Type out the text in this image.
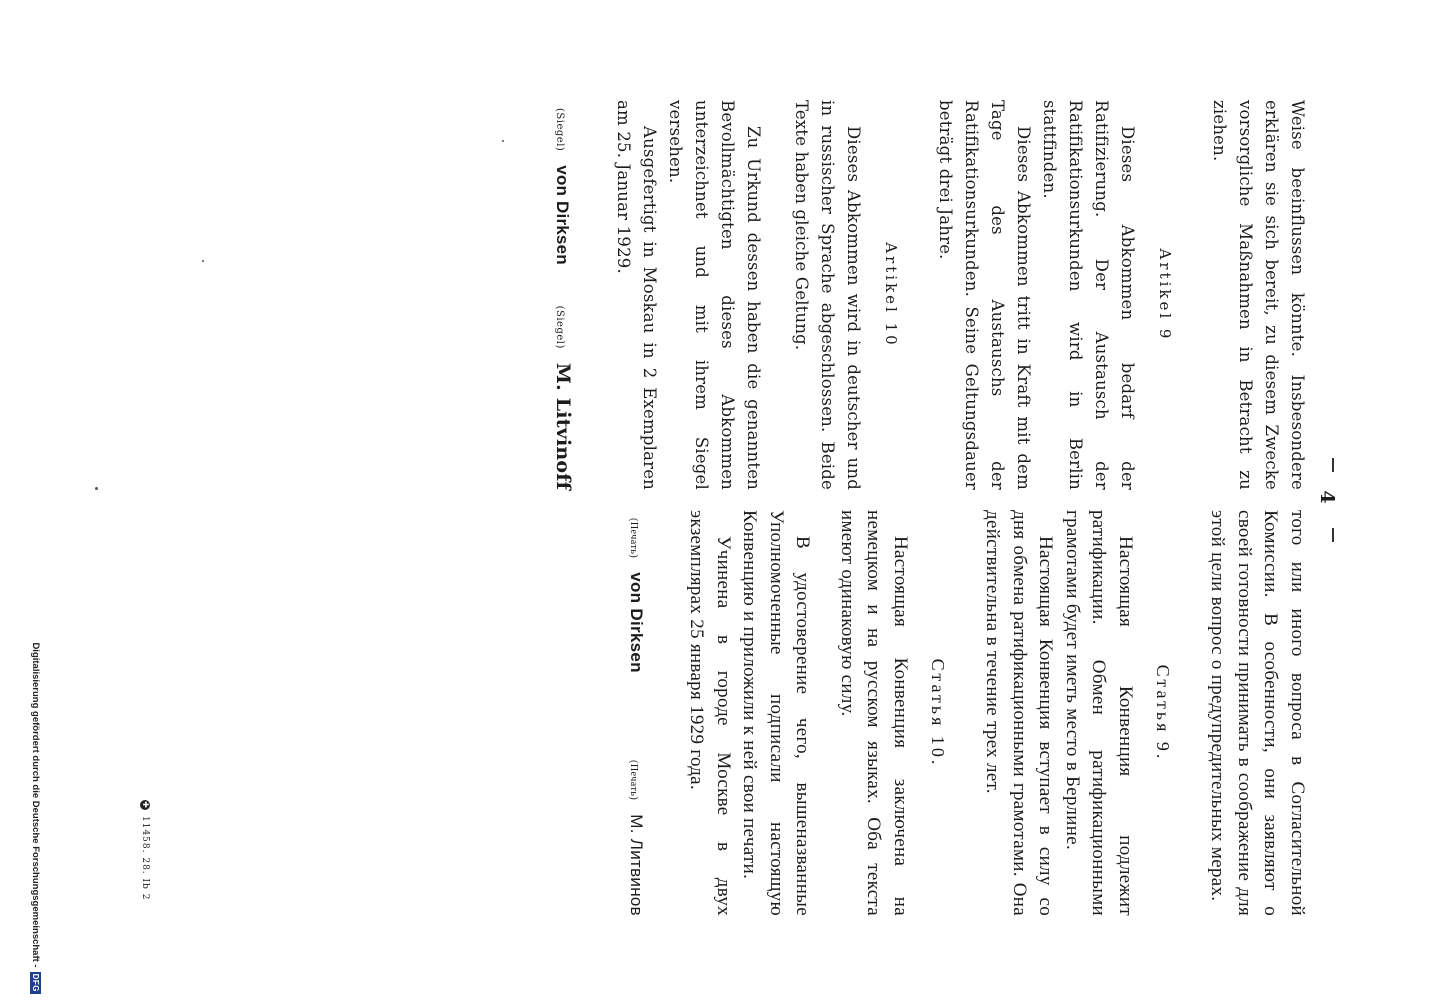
4

Weise beeinflussen könnte. Insbesondere erklären sie sich bereit, zu diesem Zwecke vorsorgliche Maßnahmen in Betracht zu ziehen.

Artikel 9

Dieses Abkommen bedarf der Ratifizierung. Der Austausch der Ratifikationsurkunden wird in Berlin stattfinden.

Dieses Abkommen tritt in Kraft mit dem Tage des Austauschs der Ratifikationsurkunden. Seine Geltungsdauer beträgt drei Jahre.

Artikel 10

Dieses Abkommen wird in deutscher und in russischer Sprache abgeschlossen. Beide Texte haben gleiche Geltung.

Zu Urkund dessen haben die genannten Bevollmächtigten dieses Abkommen unterzeichnet und mit ihrem Siegel versehen.

Ausgefertigt in Moskau in 2 Exemplaren am 25. Januar 1929.

(Siegel)
von Dirksen
(Siegel)
M. Litvinoff

того или иного вопроса в Согласительной Комиссии. В особенности, они заявляют о своей готовности принимать в соображение для этой цели вопрос о предупредительных мерах.

Статья 9.

Настоящая Конвенция подлежит ратификации. Обмен ратификационными грамотами будет иметь место в Берлине.

Настоящая Конвенция вступает в силу со дня обмена ратификационными грамотами. Она действительна в течение трех лет.

Статья 10.

Настоящая Конвенция заключена на немецком и на русском языках. Оба текста имеют одинаковую силу.

В удостоверение чего, вышеназванные Уполномоченные подписали настоящую Конвенцию и приложили к ней свои печати.

Учинена в городе Москве в двух экземплярах 25 января 1929 года.

(Печать)
von Dirksen
(Печать)
М. Литвинов
✚
11458. 28. Ib 2
Digitalisierung gefördert durch die Deutsche Forschungsgemeinschaft -
DFG
